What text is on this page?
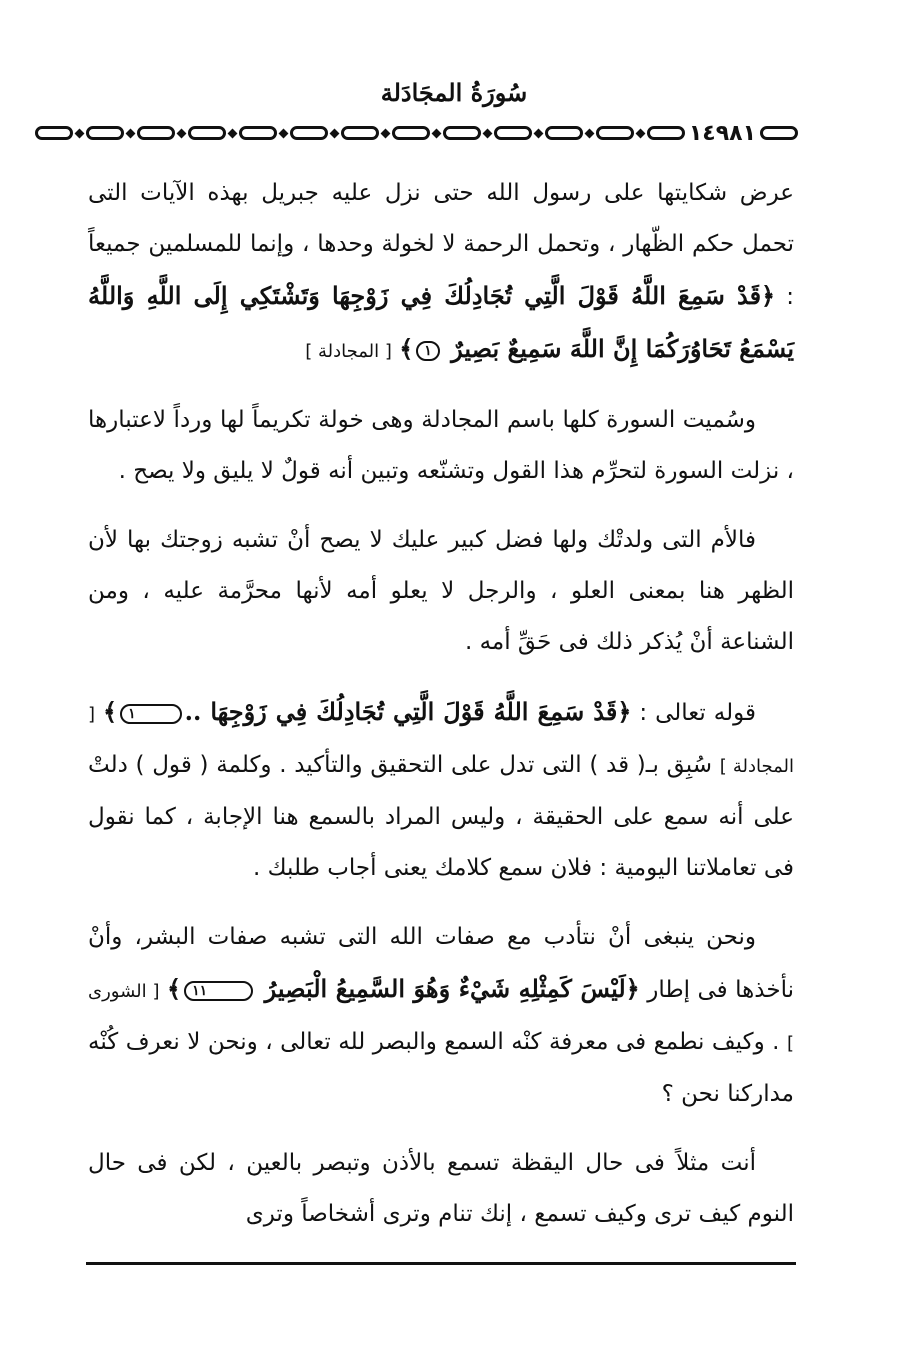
سُورَةُ المجَادَلة
١٤٩٨١

عرض شكايتها على رسول الله حتى نزل عليه جبريل بهذه الآيات التى تحمل حكم الظّهار ، وتحمل الرحمة لا لخولة وحدها ، وإنما للمسلمين جميعاً : ﴿قَدْ سَمِعَ اللَّهُ قَوْلَ الَّتِي تُجَادِلُكَ فِي زَوْجِهَا وَتَشْتَكِي إِلَى اللَّهِ وَاللَّهُ يَسْمَعُ تَحَاوُرَكُمَا إِنَّ اللَّهَ سَمِيعٌ بَصِيرٌ ١﴾ [ المجادلة ]

وسُميت السورة كلها باسم المجادلة وهى خولة تكريماً لها ورداً لاعتبارها ، نزلت السورة لتحرِّم هذا القول وتشنّعه وتبين أنه قولٌ لا يليق ولا يصح .

فالأم التى ولدتْك ولها فضل كبير عليك لا يصح أنْ تشبه زوجتك بها لأن الظهر هنا بمعنى العلو ، والرجل لا يعلو أمه لأنها محرَّمة عليه ، ومن الشناعة أنْ يُذكر ذلك فى حَقِّ أمه .

قوله تعالى : ﴿قَدْ سَمِعَ اللَّهُ قَوْلَ الَّتِي تُجَادِلُكَ فِي زَوْجِهَا ..١﴾ [ المجادلة ] سُبِق بـ( قد ) التى تدل على التحقيق والتأكيد . وكلمة ( قول ) دلتْ على أنه سمع على الحقيقة ، وليس المراد بالسمع هنا الإجابة ، كما نقول فى تعاملاتنا اليومية : فلان سمع كلامك يعنى أجاب طلبك .

ونحن ينبغى أنْ نتأدب مع صفات الله التى تشبه صفات البشر، وأنْ نأخذها فى إطار ﴿لَيْسَ كَمِثْلِهِ شَيْءٌ وَهُوَ السَّمِيعُ الْبَصِيرُ ١١﴾ [ الشورى ] . وكيف نطمع فى معرفة كنْه السمع والبصر لله تعالى ، ونحن لا نعرف كُنْه مداركنا نحن ؟

أنت مثلاً فى حال اليقظة تسمع بالأذن وتبصر بالعين ، لكن فى حال النوم كيف ترى وكيف تسمع ، إنك تنام وترى أشخاصاً وترى
